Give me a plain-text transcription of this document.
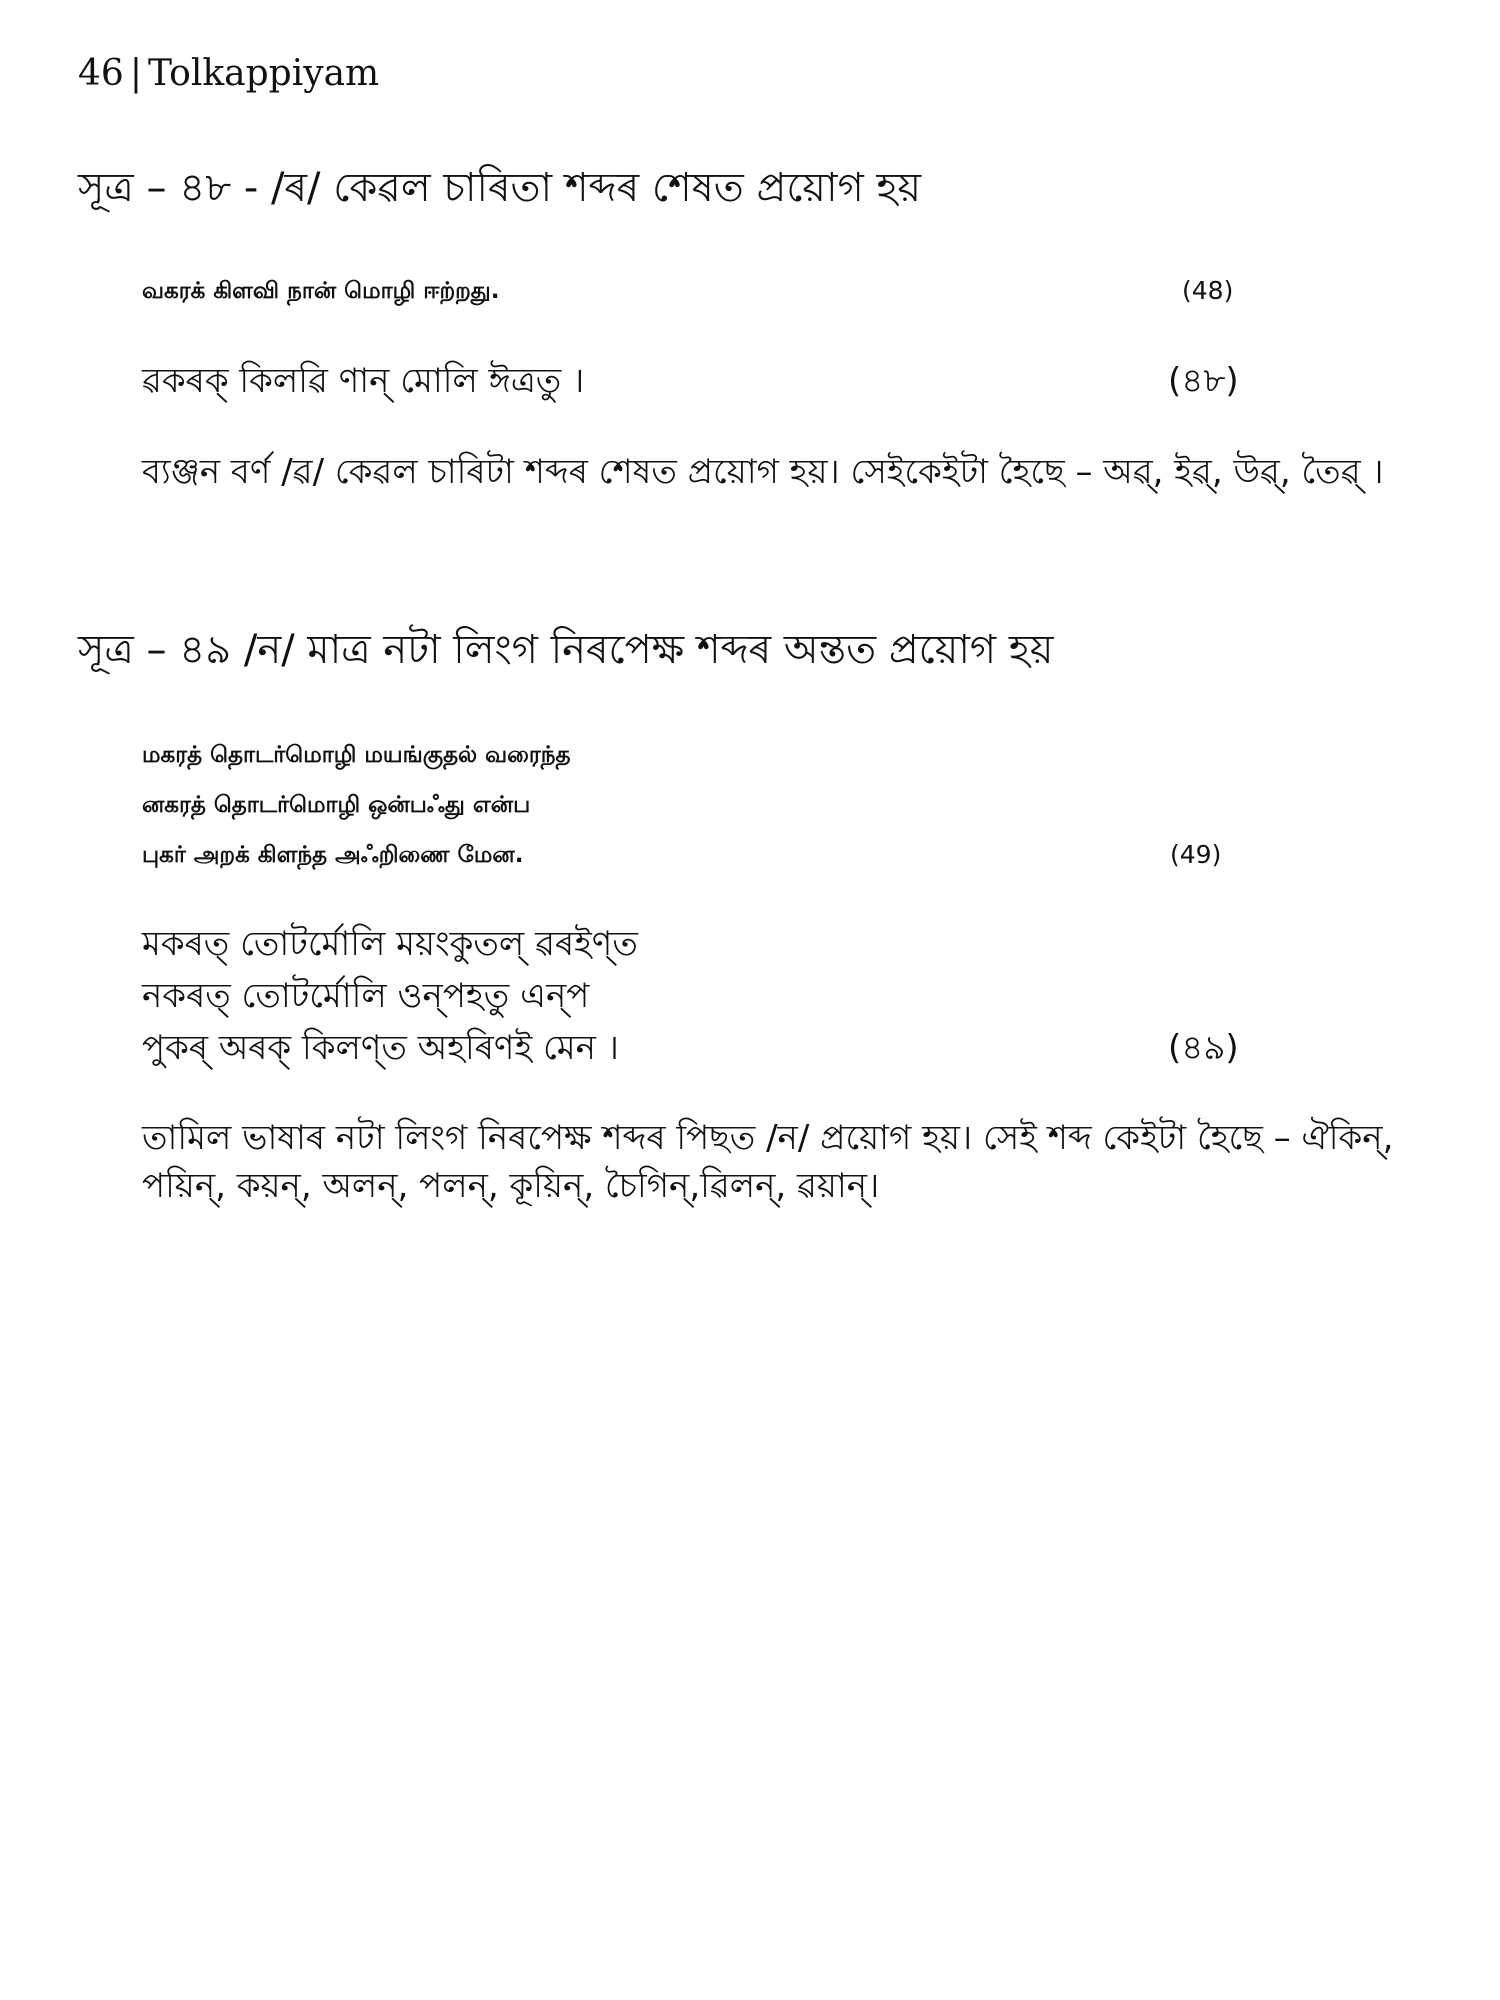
46 | Tolkappiyam
সূত্ৰ – ৪৮ - /ৰ/ কেৱল চাৰিতা শব্দৰ শেষত প্ৰয়োগ হয়
வகரக் கிளவி நான் மொழி ஈற்றது.	(48)
ৱকৰক্ কিলৱি ণান্ মোলি ঈত্ৰতু ।	(৪৮)
ব্যঞ্জন বৰ্ণ /ৱ/ কেৱল চাৰিটা শব্দৰ শেষত প্ৰয়োগ হয়। সেইকেইটা হৈছে – অৱ্, ইৱ্, উৱ্, তৈৱ্ ।
সূত্ৰ – ৪৯ /ন/ মাত্ৰ নটা লিংগ নিৰপেক্ষ শব্দৰ অন্তত প্ৰয়োগ হয়
மகரத் தொடர்மொழி மயங்குதல் வரைந்த
னகரத் தொடர்மொழி ஒன்பஃது என்ப
புகர் அறக் கிளந்த அஃறிணை மேன.	(49)
মকৰত্ তোটৰ্মোলি ময়ংকুতল্ ৱৰইণ্ত
নকৰত্ তোটৰ্মোলি ওন্পহতু এন্প
পুকৰ্ অৰক্ কিলণ্ত অহৰিণই মেন ।	(৪৯)
তামিল ভাষাৰ নটা লিংগ নিৰপেক্ষ শব্দৰ পিছত /ন/ প্ৰয়োগ হয়। সেই শব্দ কেইটা হৈছে – ঐকিন্, পয়িন্, কয়ন্, অলন্, পলন্, কূয়িন্, চৈগিন্,ৱিলন্, ৱয়ান্।
